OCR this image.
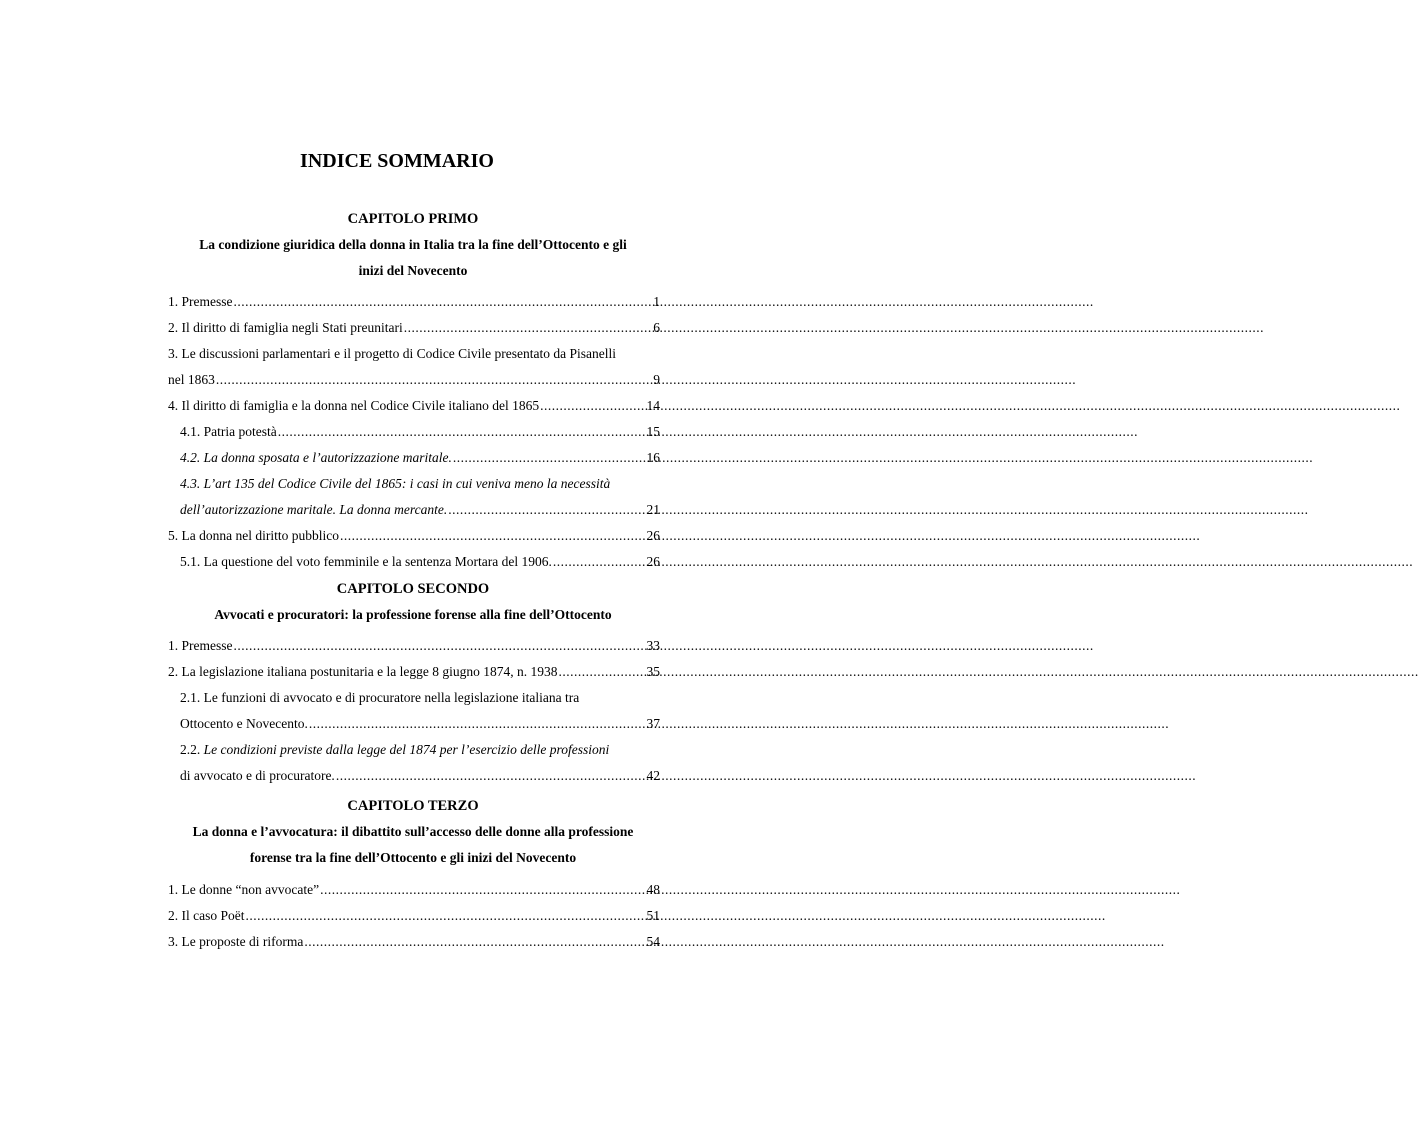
INDICE SOMMARIO
CAPITOLO PRIMO
La condizione giuridica della donna in Italia tra la fine dell’Ottocento e gli
inizi del Novecento
1. Premesse .....	1
2. Il diritto di famiglia negli Stati preunitari .....	6
3. Le discussioni parlamentari e il progetto di Codice Civile presentato da Pisanelli
nel 1863 .....	9
4. Il diritto di famiglia e la donna nel Codice Civile italiano del 1865 .....	14
4.1. Patria potestà .....	15
4.2. La donna sposata e l’autorizzazione maritale. .....	16
4.3. L’art 135 del Codice Civile del 1865: i casi in cui veniva meno la necessità
dell’autorizzazione maritale. La donna mercante. .....	21
5. La donna nel diritto pubblico .....	26
5.1. La questione del voto femminile e la sentenza Mortara del 1906. .....	26
CAPITOLO SECONDO
Avvocati e procuratori: la professione forense alla fine dell’Ottocento
1. Premesse .....	33
2. La legislazione italiana postunitaria e la legge 8 giugno 1874, n. 1938 .....	35
2.1. Le funzioni di avvocato e di procuratore nella legislazione italiana tra
Ottocento e Novecento. .....	37
2.2. Le condizioni previste dalla legge del 1874 per l’esercizio delle professioni
di avvocato e di procuratore. .....	42
CAPITOLO TERZO
La donna e l’avvocatura: il dibattito sull’accesso delle donne alla professione
forense tra la fine dell’Ottocento e gli inizi del Novecento
1. Le donne “non avvocate” .....	48
2. Il caso Poët .....	51
3. Le proposte di riforma .....	54
